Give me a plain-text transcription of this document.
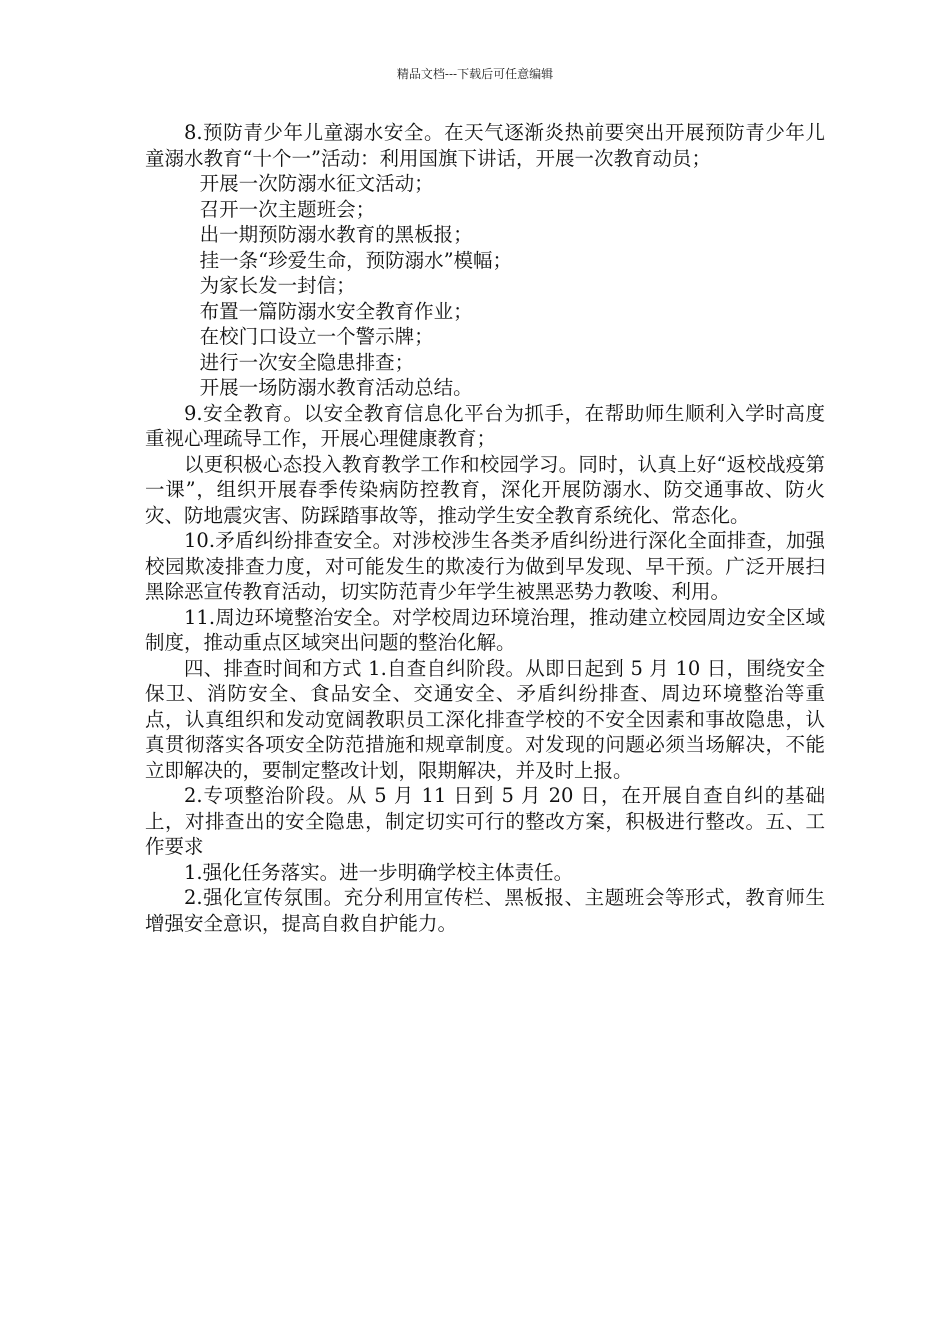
精品文档---下载后可任意编辑

8.预防青少年儿童溺水安全。在天气逐渐炎热前要突出开展预防青少年儿童溺水教育“十个一”活动：利用国旗下讲话，开展一次教育动员；

开展一次防溺水征文活动；

召开一次主题班会；

出一期预防溺水教育的黑板报；

挂一条“珍爱生命，预防溺水”模幅；

为家长发一封信；

布置一篇防溺水安全教育作业；

在校门口设立一个警示牌；

进行一次安全隐患排查；

开展一场防溺水教育活动总结。

9.安全教育。以安全教育信息化平台为抓手，在帮助师生顺利入学时高度重视心理疏导工作，开展心理健康教育；

以更积极心态投入教育教学工作和校园学习。同时，认真上好“返校战疫第一课”，组织开展春季传染病防控教育，深化开展防溺水、防交通事故、防火灾、防地震灾害、防踩踏事故等，推动学生安全教育系统化、常态化。

10.矛盾纠纷排查安全。对涉校涉生各类矛盾纠纷进行深化全面排查，加强校园欺凌排查力度，对可能发生的欺凌行为做到早发现、早干预。广泛开展扫黑除恶宣传教育活动，切实防范青少年学生被黑恶势力教唆、利用。

11.周边环境整治安全。对学校周边环境治理，推动建立校园周边安全区域制度，推动重点区域突出问题的整治化解。

四、排查时间和方式 1.自查自纠阶段。从即日起到 5 月 10 日，围绕安全保卫、消防安全、食品安全、交通安全、矛盾纠纷排查、周边环境整治等重点，认真组织和发动宽阔教职员工深化排查学校的不安全因素和事故隐患，认真贯彻落实各项安全防范措施和规章制度。对发现的问题必须当场解决，不能立即解决的，要制定整改计划，限期解决，并及时上报。

2.专项整治阶段。从 5 月 11 日到 5 月 20 日，在开展自查自纠的基础上，对排查出的安全隐患，制定切实可行的整改方案，积极进行整改。五、工作要求

1.强化任务落实。进一步明确学校主体责任。

2.强化宣传氛围。充分利用宣传栏、黑板报、主题班会等形式，教育师生增强安全意识，提高自救自护能力。
